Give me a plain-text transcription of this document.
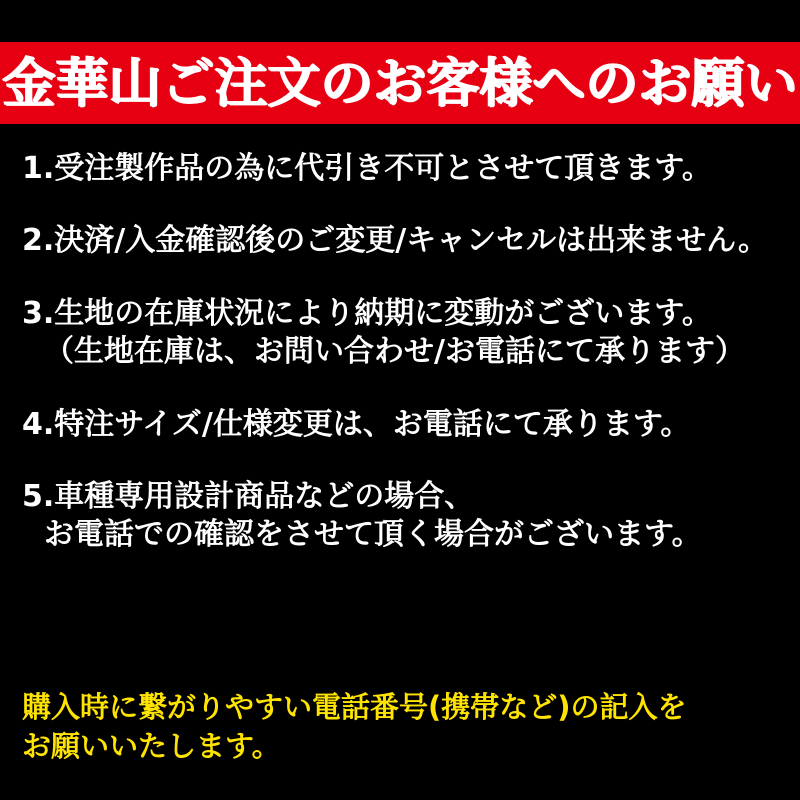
金華山ご注文のお客様へのお願い
1.受注製作品の為に代引き不可とさせて頂きます。
2.決済/入金確認後のご変更/キャンセルは出来ません。
3.生地の在庫状況により納期に変動がございます。
（生地在庫は、お問い合わせ/お電話にて承ります）
4.特注サイズ/仕様変更は、お電話にて承ります。
5.車種専用設計商品などの場合、
お電話での確認をさせて頂く場合がございます。
購入時に繋がりやすい電話番号(携帯など)の記入を
お願いいたします。
